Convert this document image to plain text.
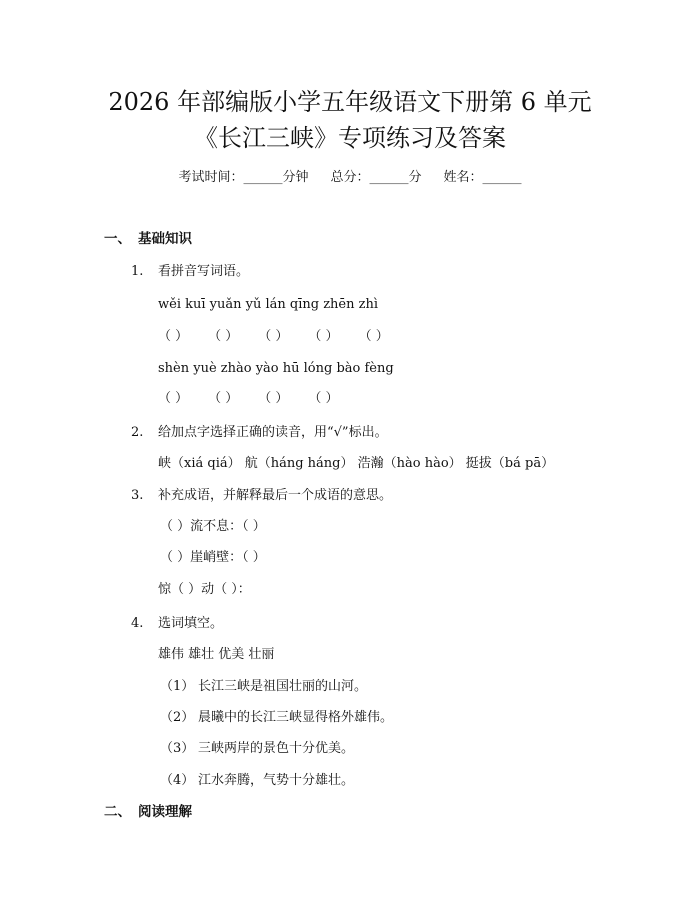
2026 年部编版小学五年级语文下册第 6 单元
《长江三峡》专项练习及答案
考试时间：______分钟 总分：______分 姓名：______
一、 基础知识
1. 看拼音写词语。
wěi kuī yuǎn yǔ lán qīng zhēn zhì
（ ） （ ） （ ） （ ） （ ）
shèn yuè zhào yào hū lóng bào fèng
（ ） （ ） （ ） （ ）
2. 给加点字选择正确的读音，用“√”标出。
峡（xiá qiá） 航（háng háng） 浩瀚（hào hào） 挺拔（bá pā）
3. 补充成语，并解释最后一个成语的意思。
（ ）流不息：（ ）
（ ）崖峭壁：（ ）
惊（ ）动（ ）：
4. 选词填空。
雄伟 雄壮 优美 壮丽
（1） 长江三峡是祖国壮丽的山河。
（2） 晨曦中的长江三峡显得格外雄伟。
（3） 三峡两岸的景色十分优美。
（4） 江水奔腾，气势十分雄壮。
二、 阅读理解
